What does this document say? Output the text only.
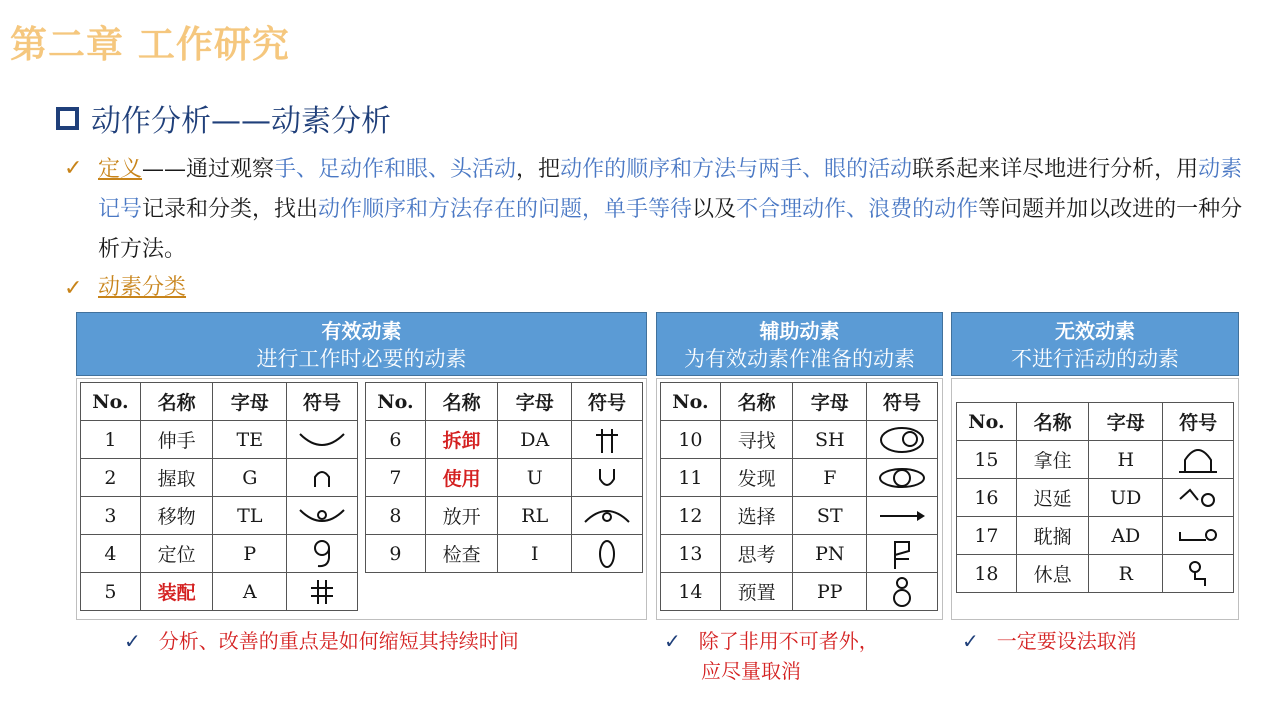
第二章 工作研究
动作分析——动素分析
✓ 定义——通过观察手、足动作和眼、头活动，把动作的顺序和方法与两手、眼的活动联系起来详尽地进行分析，用动素记号记录和分类，找出动作顺序和方法存在的问题，单手等待以及不合理动作、浪费的动作等问题并加以改进的一种分析方法。
✓ 动素分类
有效动素
进行工作时必要的动素
辅助动素
为有效动素作准备的动素
无效动素
不进行活动的动素
No.	名称	字母	符号
1	伸手	TE	

2	握取	G	

3	移物	TL	

4	定位	P	

5	装配	A	
No.	名称	字母	符号
6	拆卸	DA	

7	使用	U	

8	放开	RL	

9	检查	I	
No.	名称	字母	符号
10	寻找	SH	

11	发现	F	

12	选择	ST	

13	思考	PN	

14	预置	PP	
No.	名称	字母	符号
15	拿住	H	

16	迟延	UD	

17	耽搁	AD	

18	休息	R	
✓ 分析、改善的重点是如何缩短其持续时间	✓ 除了非用不可者外，
应尽量取消
✓ 一定要设法取消
